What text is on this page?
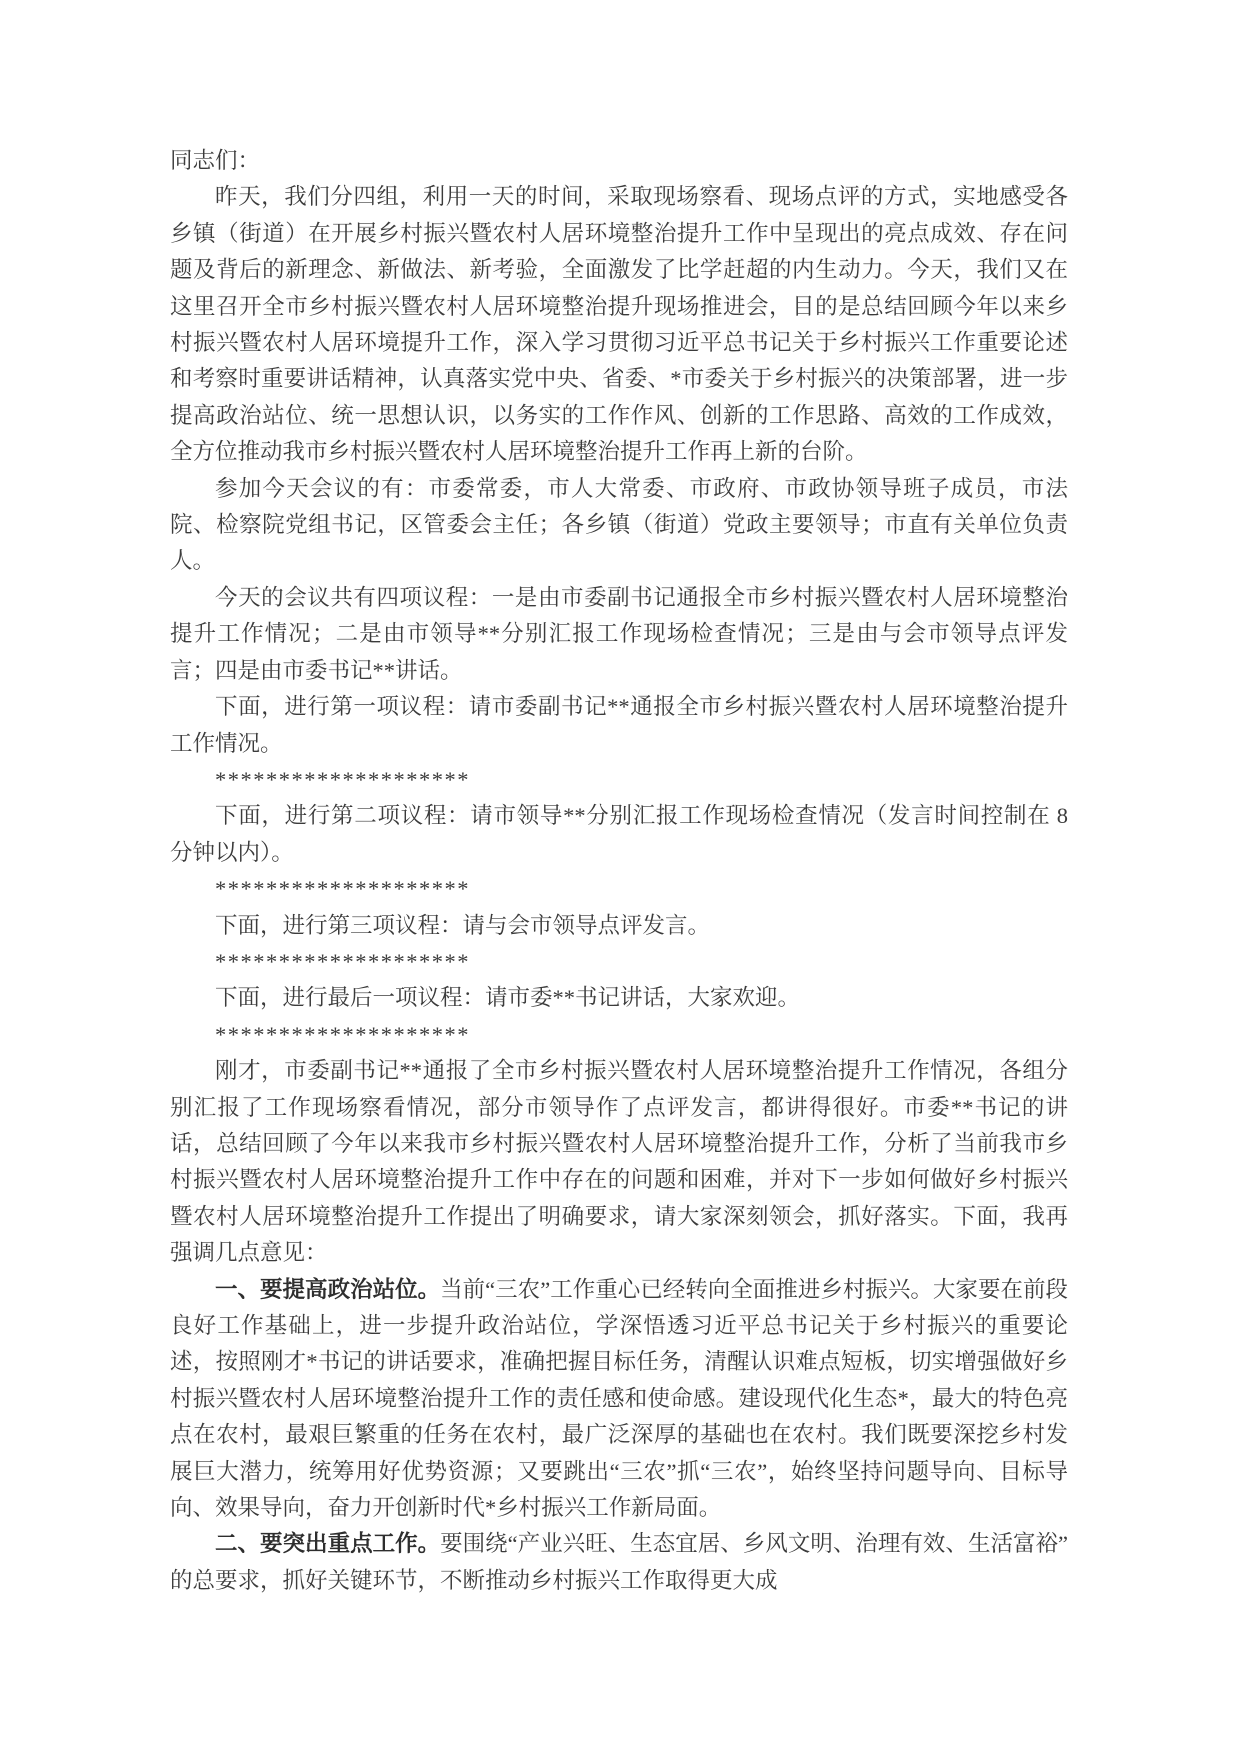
同志们：

昨天，我们分四组，利用一天的时间，采取现场察看、现场点评的方式，实地感受各乡镇（街道）在开展乡村振兴暨农村人居环境整治提升工作中呈现出的亮点成效、存在问题及背后的新理念、新做法、新考验，全面激发了比学赶超的内生动力。今天，我们又在这里召开全市乡村振兴暨农村人居环境整治提升现场推进会，目的是总结回顾今年以来乡村振兴暨农村人居环境提升工作，深入学习贯彻习近平总书记关于乡村振兴工作重要论述和考察时重要讲话精神，认真落实党中央、省委、*市委关于乡村振兴的决策部署，进一步提高政治站位、统一思想认识，以务实的工作作风、创新的工作思路、高效的工作成效，全方位推动我市乡村振兴暨农村人居环境整治提升工作再上新的台阶。

参加今天会议的有：市委常委，市人大常委、市政府、市政协领导班子成员，市法院、检察院党组书记，区管委会主任；各乡镇（街道）党政主要领导；市直有关单位负责人。

今天的会议共有四项议程：一是由市委副书记通报全市乡村振兴暨农村人居环境整治提升工作情况；二是由市领导**分别汇报工作现场检查情况；三是由与会市领导点评发言；四是由市委书记**讲话。

下面，进行第一项议程：请市委副书记**通报全市乡村振兴暨农村人居环境整治提升工作情况。

********************

下面，进行第二项议程：请市领导**分别汇报工作现场检查情况（发言时间控制在 8 分钟以内）。

********************

下面，进行第三项议程：请与会市领导点评发言。

********************

下面，进行最后一项议程：请市委**书记讲话，大家欢迎。

********************

刚才，市委副书记**通报了全市乡村振兴暨农村人居环境整治提升工作情况，各组分别汇报了工作现场察看情况，部分市领导作了点评发言，都讲得很好。市委**书记的讲话，总结回顾了今年以来我市乡村振兴暨农村人居环境整治提升工作，分析了当前我市乡村振兴暨农村人居环境整治提升工作中存在的问题和困难，并对下一步如何做好乡村振兴暨农村人居环境整治提升工作提出了明确要求，请大家深刻领会，抓好落实。下面，我再强调几点意见：

一、要提高政治站位。当前“三农”工作重心已经转向全面推进乡村振兴。大家要在前段良好工作基础上，进一步提升政治站位，学深悟透习近平总书记关于乡村振兴的重要论述，按照刚才*书记的讲话要求，准确把握目标任务，清醒认识难点短板，切实增强做好乡村振兴暨农村人居环境整治提升工作的责任感和使命感。建设现代化生态*，最大的特色亮点在农村，最艰巨繁重的任务在农村，最广泛深厚的基础也在农村。我们既要深挖乡村发展巨大潜力，统筹用好优势资源；又要跳出“三农”抓“三农”，始终坚持问题导向、目标导向、效果导向，奋力开创新时代*乡村振兴工作新局面。

二、要突出重点工作。要围绕“产业兴旺、生态宜居、乡风文明、治理有效、生活富裕”的总要求，抓好关键环节，不断推动乡村振兴工作取得更大成
